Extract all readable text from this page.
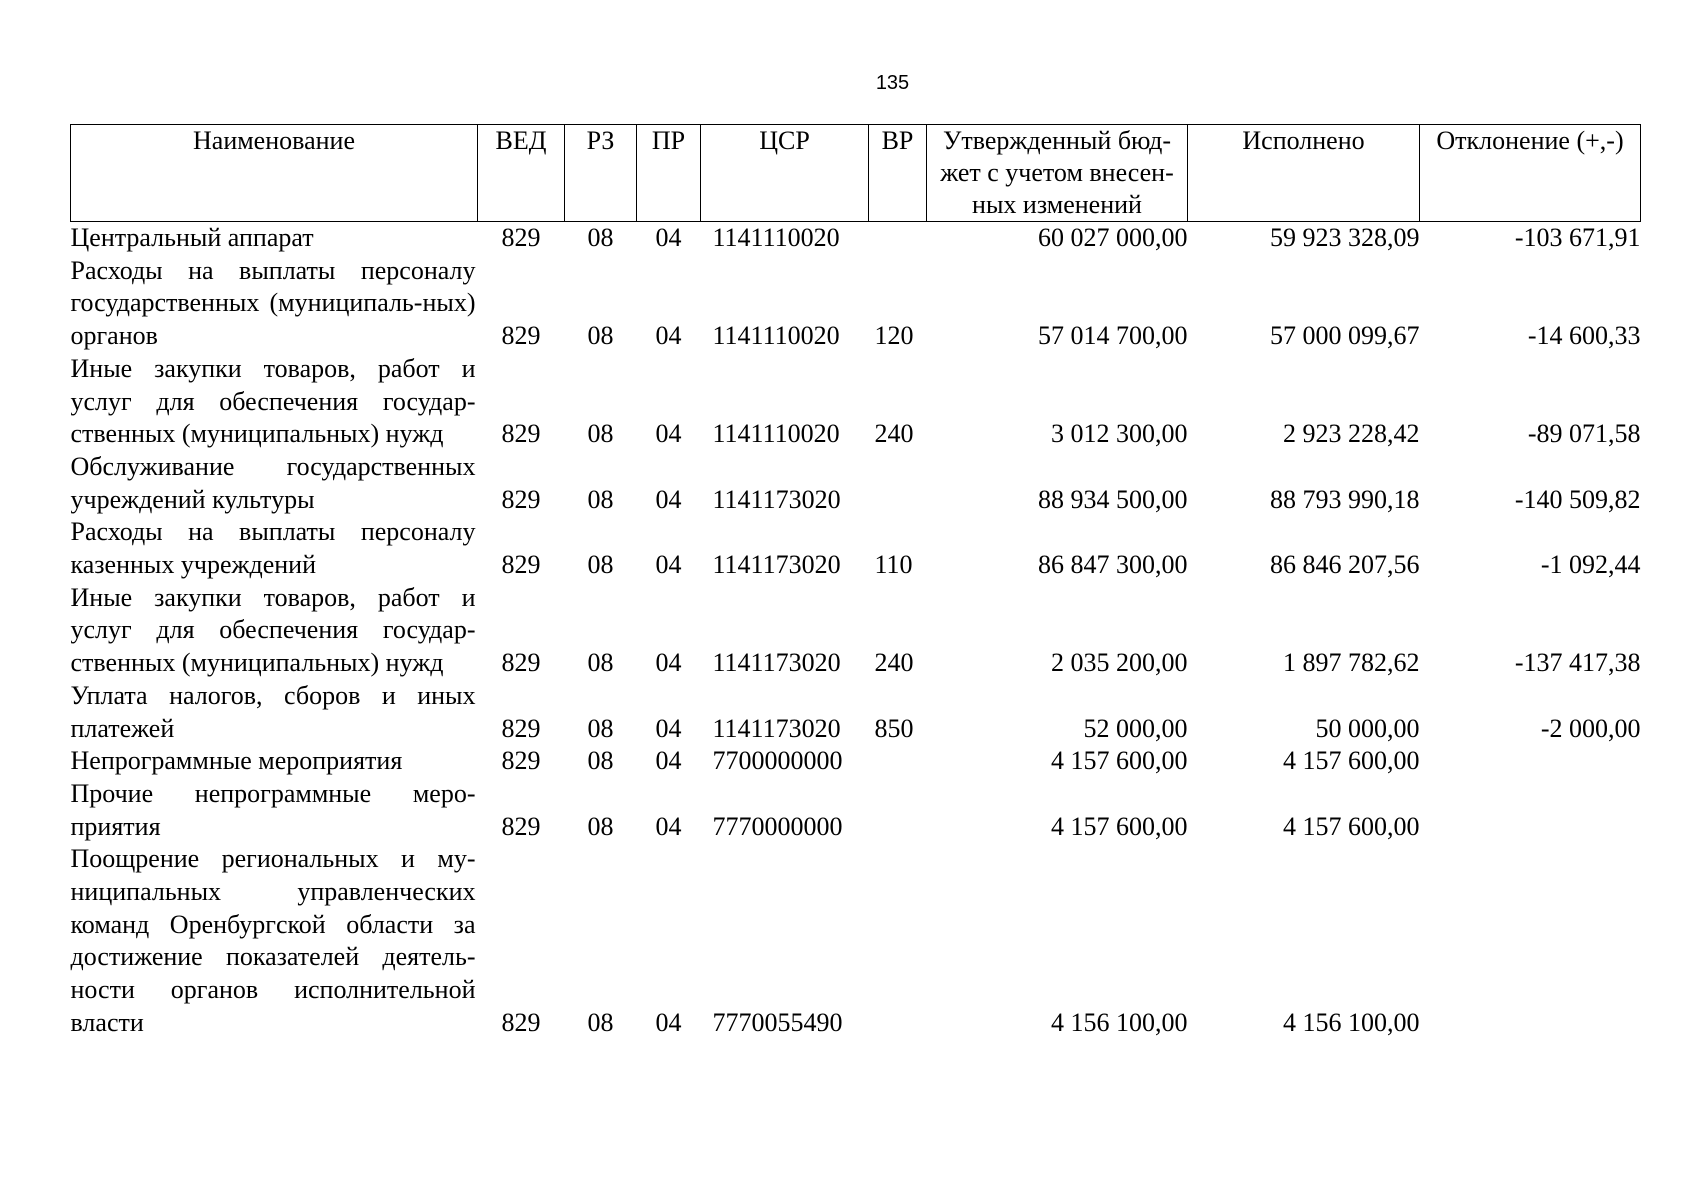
135
Наименование	ВЕД	РЗ	ПР	ЦСР	ВР	Утвержденный бюд-жет с учетом внесен-ных изменений	Исполнено	Отклонение (+,-)
Центральный аппарат	829	08	04	1141110020		60 027 000,00	59 923 328,09	-103 671,91
Расходы на выплаты персоналу государственных (муниципаль-ных) органов	829	08	04	1141110020	120	57 014 700,00	57 000 099,67	-14 600,33
Иные закупки товаров, работ и услуг для обеспечения государ-ственных (муниципальных) нужд	829	08	04	1141110020	240	3 012 300,00	2 923 228,42	-89 071,58
Обслуживание государственных учреждений культуры	829	08	04	1141173020		88 934 500,00	88 793 990,18	-140 509,82
Расходы на выплаты персоналу казенных учреждений	829	08	04	1141173020	110	86 847 300,00	86 846 207,56	-1 092,44
Иные закупки товаров, работ и услуг для обеспечения государ-ственных (муниципальных) нужд	829	08	04	1141173020	240	2 035 200,00	1 897 782,62	-137 417,38
Уплата налогов, сборов и иных платежей	829	08	04	1141173020	850	52 000,00	50 000,00	-2 000,00
Непрограммные мероприятия	829	08	04	7700000000		4 157 600,00	4 157 600,00	
Прочие непрограммные меро-приятия	829	08	04	7770000000		4 157 600,00	4 157 600,00	
Поощрение региональных и му-ниципальных управленческих команд Оренбургской области за достижение показателей деятель-ности органов исполнительной власти	829	08	04	7770055490		4 156 100,00	4 156 100,00	
